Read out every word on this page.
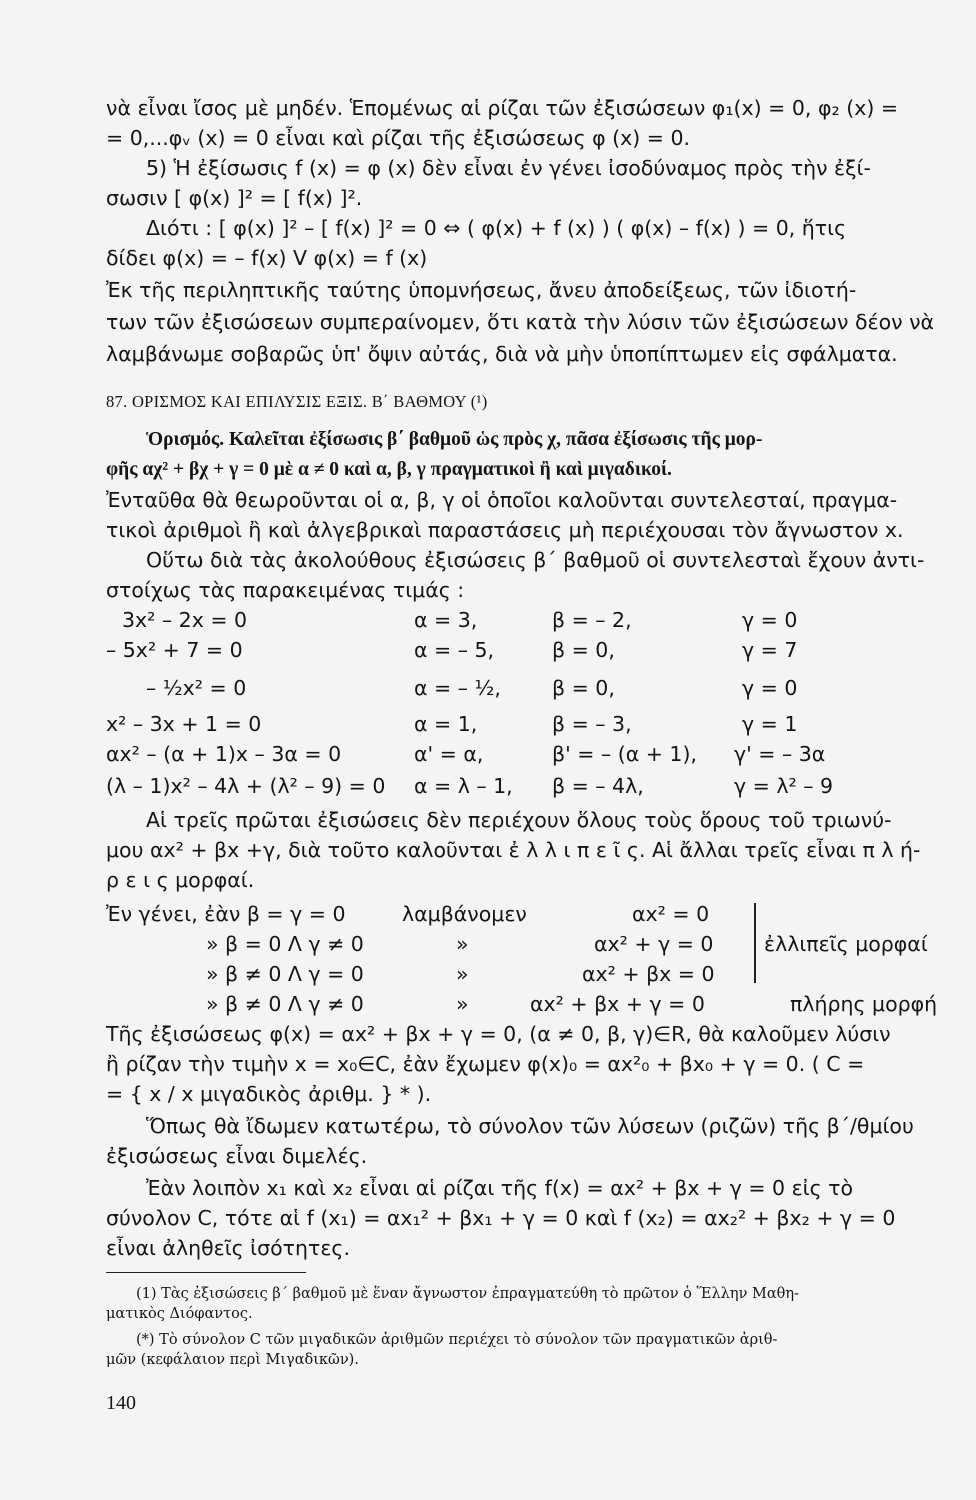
νὰ εἶναι ἴσος μὲ μηδέν. Ἑπομένως αἱ ρίζαι τῶν ἐξισώσεων φ₁(x) = 0, φ₂ (x) =
= 0,...φᵥ (x) = 0 εἶναι καὶ ρίζαι τῆς ἐξισώσεως φ (x) = 0.
5) Ἡ ἐξίσωσις f (x) = φ (x) δὲν εἶναι ἐν γένει ἰσοδύναμος πρὸς τὴν ἐξί-
σωσιν [ φ(x) ]² = [ f(x) ]².
Διότι : [ φ(x) ]² – [ f(x) ]² = 0 ⇔ ( φ(x) + f (x) ) ( φ(x) – f(x) ) = 0, ἥτις
δίδει φ(x) = – f(x) V φ(x) = f (x)
Ἐκ τῆς περιληπτικῆς ταύτης ὑπομνήσεως, ἄνευ ἀποδείξεως, τῶν ἰδιοτή-
των τῶν ἐξισώσεων συμπεραίνομεν, ὅτι κατὰ τὴν λύσιν τῶν ἐξισώσεων δέον νὰ
λαμβάνωμε σοβαρῶς ὑπ' ὄψιν αὐτάς, διὰ νὰ μὴν ὑποπίπτωμεν εἰς σφάλματα.
87. ΟΡΙΣΜΟΣ ΚΑΙ ΕΠΙΛΥΣΙΣ ΕΞΙΣ. Β΄ ΒΑΘΜΟΥ (¹)
Ὁρισμός. Καλεῖται ἐξίσωσις β΄ βαθμοῦ ὡς πρὸς χ, πᾶσα ἐξίσωσις τῆς μορ-
φῆς αχ² + βχ + γ = 0 μὲ α ≠ 0 καὶ α, β, γ πραγματικοὶ ἢ καὶ μιγαδικοί.
Ἐνταῦθα θὰ θεωροῦνται οἱ α, β, γ οἱ ὁποῖοι καλοῦνται συντελεσταί, πραγμα-
τικοὶ ἀριθμοὶ ἢ καὶ ἀλγεβρικαὶ παραστάσεις μὴ περιέχουσαι τὸν ἄγνωστον x.
Οὕτω διὰ τὰς ἀκολούθους ἐξισώσεις β΄ βαθμοῦ οἱ συντελεσταὶ ἔχουν ἀντι-
στοίχως τὰς παρακειμένας τιμάς :
3x² – 2x = 0	α = 3,	β = – 2,	γ = 0
– 5x² + 7 = 0	α = – 5,	β = 0,	γ = 7
– ½x² = 0	α = – ½, β = 0,	γ = 0
x² – 3x + 1 = 0	α = 1,	β = – 3,	γ = 1
αx² – (α + 1)x – 3α = 0	α' = α,	β' = – (α + 1), γ' = – 3α
(λ – 1)x² – 4λ + (λ² – 9) = 0 α = λ – 1, β = – 4λ,	γ = λ² – 9
Αἱ τρεῖς πρῶται ἐξισώσεις δὲν περιέχουν ὅλους τοὺς ὅρους τοῦ τριωνύ-
μου αx² + βx +γ, διὰ τοῦτο καλοῦνται ἐ λ λ ι π ε ῖ ς. Αἱ ἄλλαι τρεῖς εἶναι π λ ή-
ρ ε ι ς μορφαί.
Ἐν γένει, ἐὰν β = γ = 0	λαμβάνομεν	αx² = 0
» β = 0 Λ γ ≠ 0	»	αx² + γ = 0
» β ≠ 0 Λ γ = 0	»	αx² + βx = 0
» β ≠ 0 Λ γ ≠ 0	»	αx² + βx + γ = 0
ἐλλιπεῖς μορφαί
πλήρης μορφή
Τῆς ἐξισώσεως φ(x) = αx² + βx + γ = 0, (α ≠ 0, β, γ)∈R, θὰ καλοῦμεν λύσιν
ἢ ρίζαν τὴν τιμὴν x = x₀∈C, ἐὰν ἔχωμεν φ(x)₀ = αx²₀ + βx₀ + γ = 0. ( C =
= { x / x μιγαδικὸς ἀριθμ. } * ).
Ὅπως θὰ ἴδωμεν κατωτέρω, τὸ σύνολον τῶν λύσεων (ριζῶν) τῆς β΄/θμίου
ἐξισώσεως εἶναι διμελές.
Ἐὰν λοιπὸν x₁ καὶ x₂ εἶναι αἱ ρίζαι τῆς f(x) = αx² + βx + γ = 0 εἰς τὸ
σύνολον C, τότε αἱ f (x₁) = αx₁² + βx₁ + γ = 0 καὶ f (x₂) = αx₂² + βx₂ + γ = 0
εἶναι ἀληθεῖς ἰσότητες.
(1) Τὰς ἐξισώσεις β΄ βαθμοῦ μὲ ἕναν ἄγνωστον ἐπραγματεύθη τὸ πρῶτον ὁ Ἕλλην Μαθη-
ματικὸς Διόφαντος.
(*) Τὸ σύνολον C τῶν μιγαδικῶν ἀριθμῶν περιέχει τὸ σύνολον τῶν πραγματικῶν ἀριθ-
μῶν (κεφάλαιον περὶ Μιγαδικῶν).
140
